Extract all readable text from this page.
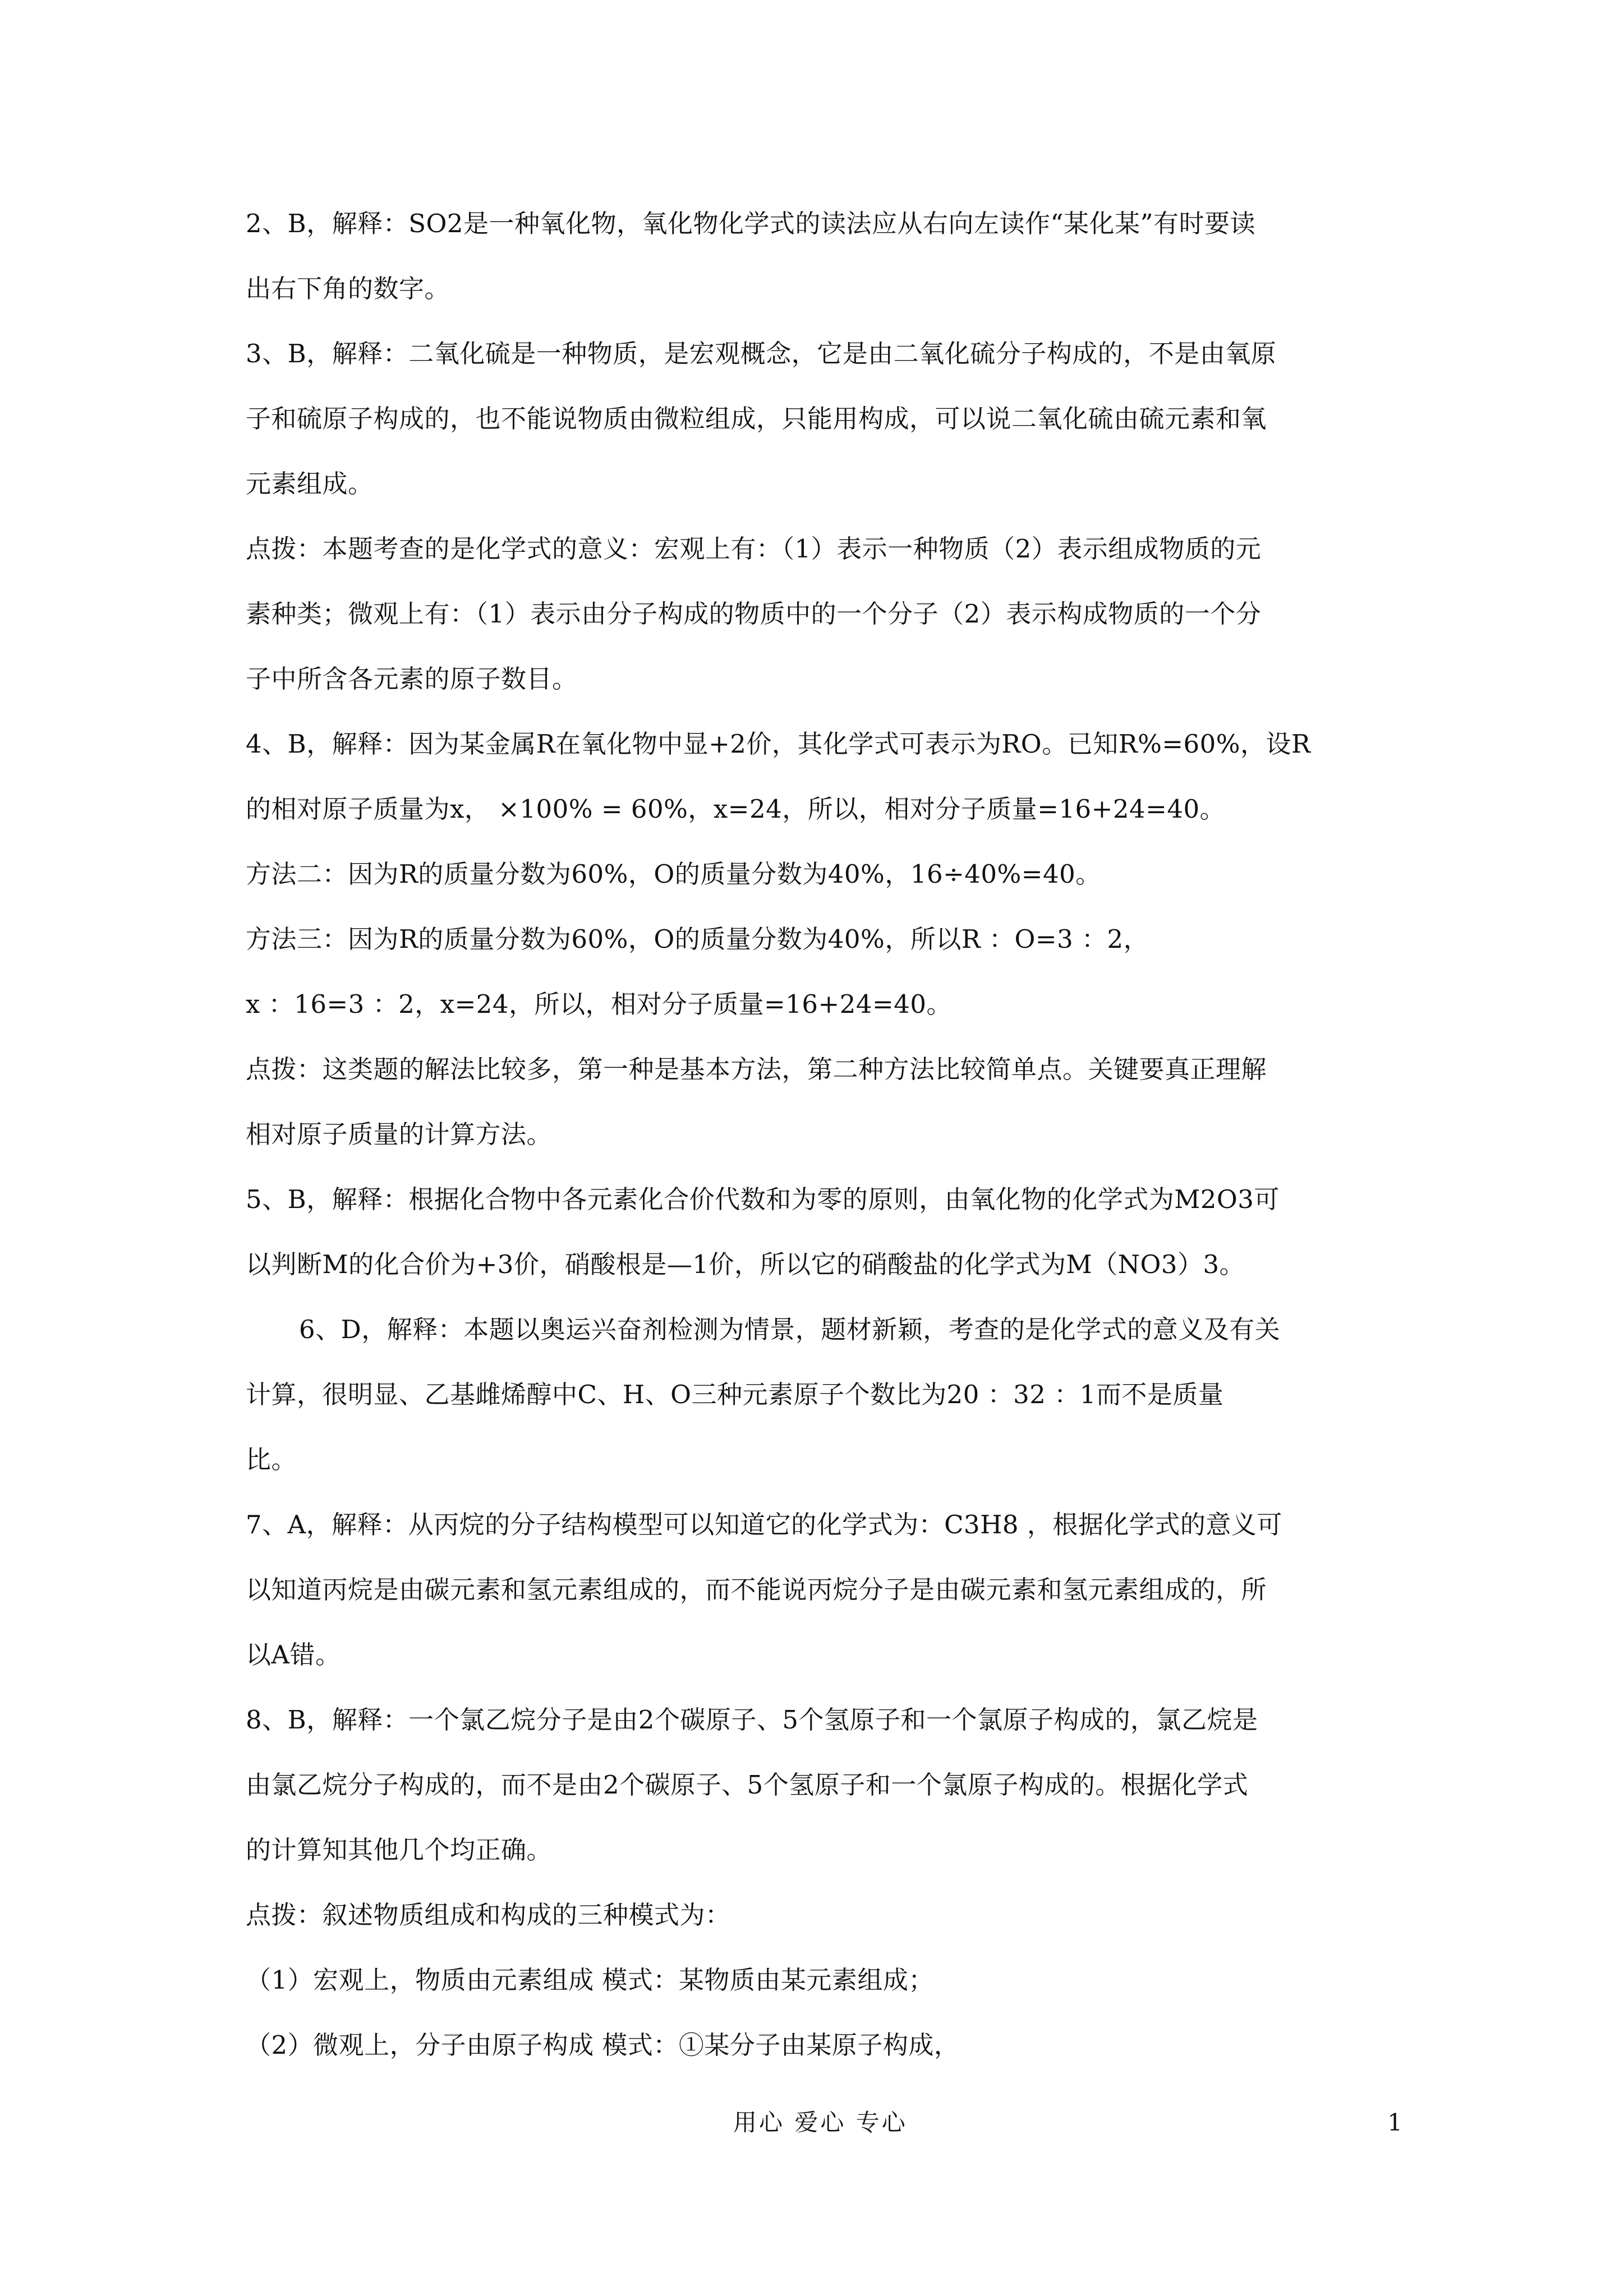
2、B，解释：SO2是一种氧化物，氧化物化学式的读法应从右向左读作“某化某”有时要读
出右下角的数字。
3、B，解释：二氧化硫是一种物质，是宏观概念，它是由二氧化硫分子构成的，不是由氧原
子和硫原子构成的，也不能说物质由微粒组成，只能用构成，可以说二氧化硫由硫元素和氧
元素组成。
点拨：本题考查的是化学式的意义：宏观上有：（1）表示一种物质（2）表示组成物质的元
素种类；微观上有：（1）表示由分子构成的物质中的一个分子（2）表示构成物质的一个分
子中所含各元素的原子数目。
4、B，解释：因为某金属R在氧化物中显+2价，其化学式可表示为RO。已知R%=60%，设R
的相对原子质量为x， ×100% = 60%，x=24，所以，相对分子质量=16+24=40。
方法二：因为R的质量分数为60%，O的质量分数为40%，16÷40%=40。
方法三：因为R的质量分数为60%，O的质量分数为40%，所以R ：O=3 ：2，
x ：16=3 ：2，x=24，所以，相对分子质量=16+24=40。
点拨：这类题的解法比较多，第一种是基本方法，第二种方法比较简单点。关键要真正理解
相对原子质量的计算方法。
5、B，解释：根据化合物中各元素化合价代数和为零的原则，由氧化物的化学式为M2O3可
以判断M的化合价为+3价，硝酸根是—1价，所以它的硝酸盐的化学式为M（NO3）3。
6、D，解释：本题以奥运兴奋剂检测为情景，题材新颖，考查的是化学式的意义及有关
计算，很明显、乙基雌烯醇中C、H、O三种元素原子个数比为20 ：32 ：1而不是质量
比。
7、A，解释：从丙烷的分子结构模型可以知道它的化学式为：C3H8 ，根据化学式的意义可
以知道丙烷是由碳元素和氢元素组成的，而不能说丙烷分子是由碳元素和氢元素组成的，所
以A错。
8、B，解释：一个氯乙烷分子是由2个碳原子、5个氢原子和一个氯原子构成的，氯乙烷是
由氯乙烷分子构成的，而不是由2个碳原子、5个氢原子和一个氯原子构成的。根据化学式
的计算知其他几个均正确。
点拨：叙述物质组成和构成的三种模式为：
（1）宏观上，物质由元素组成 模式：某物质由某元素组成；
（2）微观上，分子由原子构成 模式：①某分子由某原子构成，
用心 爱心 专心	1
